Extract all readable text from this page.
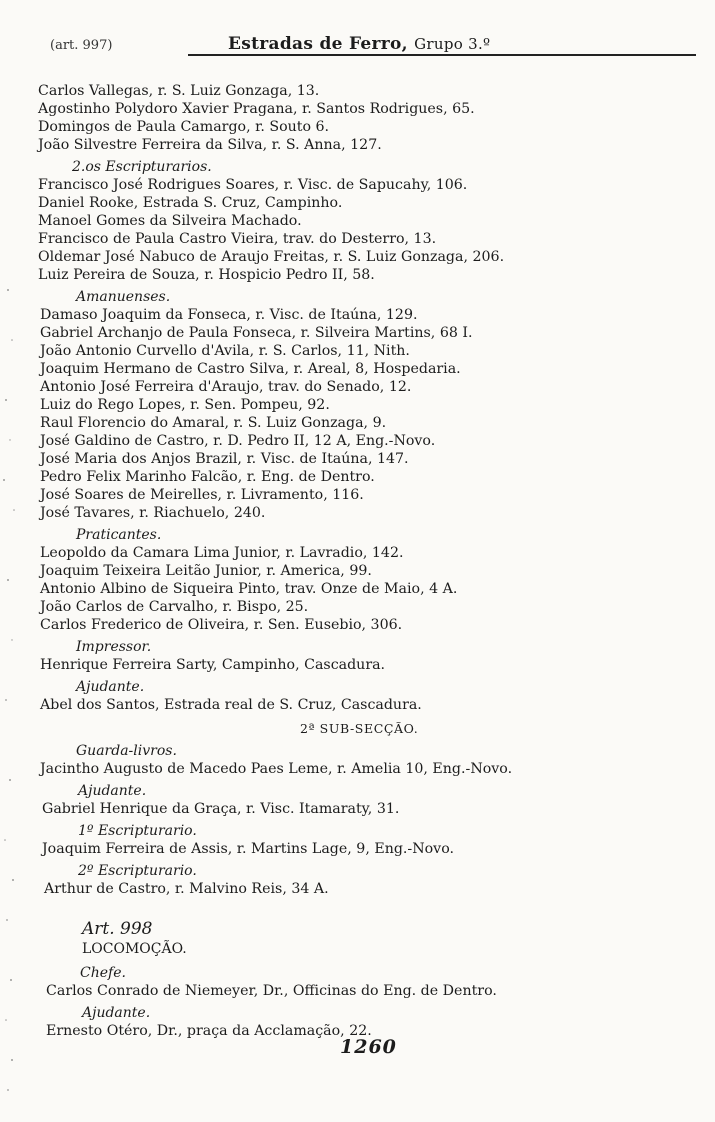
(art. 997)	Estradas de Ferro, Grupo 3.º
Carlos Vallegas, r. S. Luiz Gonzaga, 13.
Agostinho Polydoro Xavier Pragana, r. Santos Rodrigues, 65.
Domingos de Paula Camargo, r. Souto 6.
João Silvestre Ferreira da Silva, r. S. Anna, 127.
2.os Escripturarios.
Francisco José Rodrigues Soares, r. Visc. de Sapucahy, 106.
Daniel Rooke, Estrada S. Cruz, Campinho.
Manoel Gomes da Silveira Machado.
Francisco de Paula Castro Vieira, trav. do Desterro, 13.
Oldemar José Nabuco de Araujo Freitas, r. S. Luiz Gonzaga, 206.
Luiz Pereira de Souza, r. Hospicio Pedro II, 58.
Amanuenses.
Damaso Joaquim da Fonseca, r. Visc. de Itaúna, 129.
Gabriel Archanjo de Paula Fonseca, r. Silveira Martins, 68 I.
João Antonio Curvello d'Avila, r. S. Carlos, 11, Nith.
Joaquim Hermano de Castro Silva, r. Areal, 8, Hospedaria.
Antonio José Ferreira d'Araujo, trav. do Senado, 12.
Luiz do Rego Lopes, r. Sen. Pompeu, 92.
Raul Florencio do Amaral, r. S. Luiz Gonzaga, 9.
José Galdino de Castro, r. D. Pedro II, 12 A, Eng.-Novo.
José Maria dos Anjos Brazil, r. Visc. de Itaúna, 147.
Pedro Felix Marinho Falcão, r. Eng. de Dentro.
José Soares de Meirelles, r. Livramento, 116.
José Tavares, r. Riachuelo, 240.
Praticantes.
Leopoldo da Camara Lima Junior, r. Lavradio, 142.
Joaquim Teixeira Leitão Junior, r. America, 99.
Antonio Albino de Siqueira Pinto, trav. Onze de Maio, 4 A.
João Carlos de Carvalho, r. Bispo, 25.
Carlos Frederico de Oliveira, r. Sen. Eusebio, 306.
Impressor.
Henrique Ferreira Sarty, Campinho, Cascadura.
Ajudante.
Abel dos Santos, Estrada real de S. Cruz, Cascadura.
2ª SUB-SECÇÃO.
Guarda-livros.
Jacintho Augusto de Macedo Paes Leme, r. Amelia 10, Eng.-Novo.
Ajudante.
Gabriel Henrique da Graça, r. Visc. Itamaraty, 31.
1º Escripturario.
Joaquim Ferreira de Assis, r. Martins Lage, 9, Eng.-Novo.
2º Escripturario.
Arthur de Castro, r. Malvino Reis, 34 A.
Art. 998
LOCOMOÇÃO.
Chefe.
Carlos Conrado de Niemeyer, Dr., Officinas do Eng. de Dentro.
Ajudante.
Ernesto Otéro, Dr., praça da Acclamação, 22.
1260
